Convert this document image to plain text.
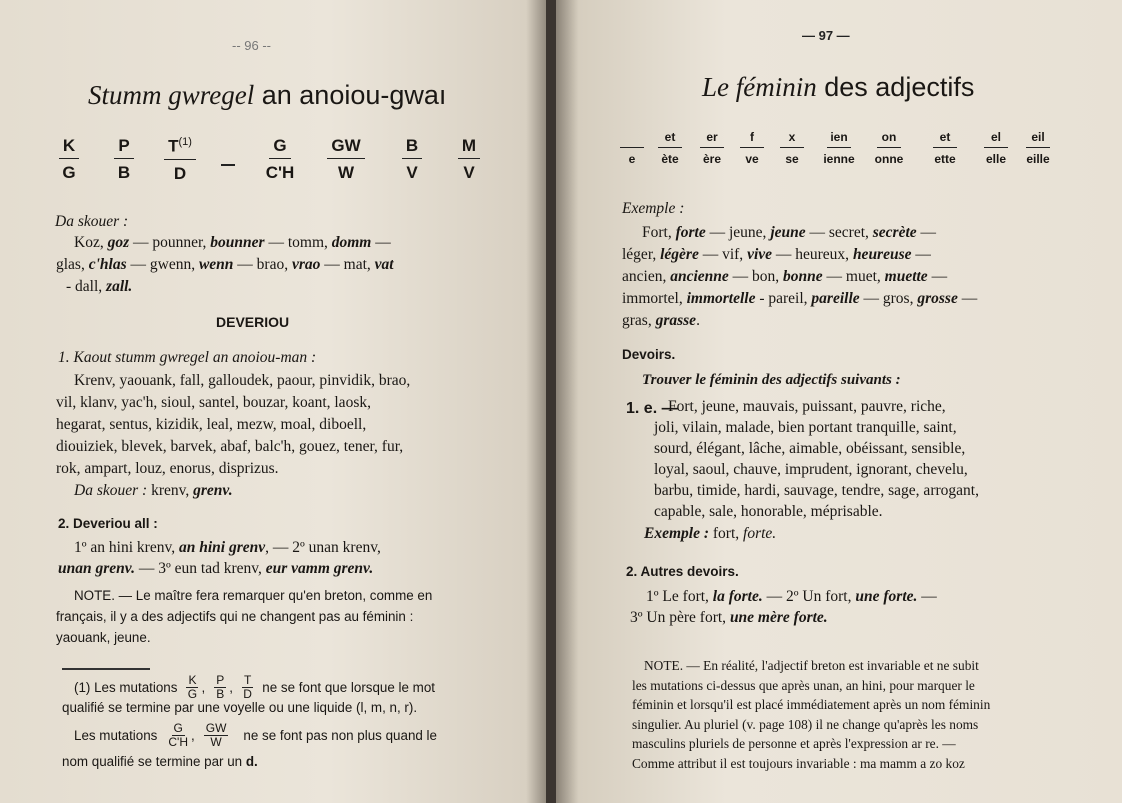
-- 96 --
Stumm gwregel an anoiou-gwaı
K
G
P
B
$T^{(1)}$
D
G
C'H
GW
W
B
V
M
V
Da skouer :
Koz, goz — pounner, bounner — tomm, domm —
glas, c'hlas — gwenn, wenn — brao, vrao — mat, vat
- dall, zall.
DEVERIOU
1. Kaout stumm gwregel an anoiou-man :
Krenv, yaouank, fall, galloudek, paour, pinvidik, brao,
vil, klanv, yac'h, sioul, santel, bouzar, koant, laosk,
hegarat, sentus, kizidik, leal, mezw, moal, diboell,
diouiziek, blevek, barvek, abaf, balc'h, gouez, tener, fur,
rok, ampart, louz, enorus, disprizus.
Da skouer : krenv, grenv.
2. Deveriou all :
1º an hini krenv, an hini grenv, — 2º unan krenv,
unan grenv. — 3º eun tad krenv, eur vamm grenv.
NOTE. — Le maître fera remarquer qu'en breton, comme en
français, il y a des adjectifs qui ne changent pas au féminin :
yaouank, jeune.
(1) Les mutations $\frac{K}{G}$ , $\frac{P}{B}$ , $\frac{T}{D}$ ne se font que lorsque le mot
qualifié se termine par une voyelle ou une liquide (l, m, n, r).
Les mutations $\frac{G}{C'H}$ , $\frac{GW}{W}$ ne se font pas non plus quand le
nom qualifié se termine par un d.
— 97 —
Le féminin des adjectifs

e
et
ète
er
ère
f
ve
x
se
ien
ienne
on
onne
et
ette
el
elle
eil
eille
Exemple :
Fort, forte — jeune, jeune — secret, secrète —
léger, légère — vif, vive — heureux, heureuse —
ancien, ancienne — bon, bonne — muet, muette —
immortel, immortelle - pareil, pareille — gros, grosse —
gras, grasse.
Devoirs.
Trouver le féminin des adjectifs suivants :
1. e. —
Fort, jeune, mauvais, puissant, pauvre, riche,
joli, vilain, malade, bien portant tranquille, saint,
sourd, élégant, lâche, aimable, obéissant, sensible,
loyal, saoul, chauve, imprudent, ignorant, chevelu,
barbu, timide, hardi, sauvage, tendre, sage, arrogant,
capable, sale, honorable, méprisable.
Exemple : fort, forte.
2. Autres devoirs.
1º Le fort, la forte. — 2º Un fort, une forte. —
3º Un père fort, une mère forte.
NOTE. — En réalité, l'adjectif breton est invariable et ne subit
les mutations ci-dessus que après unan, an hini, pour marquer le
féminin et lorsqu'il est placé immédiatement après un nom féminin
singulier. Au pluriel (v. page 108) il ne change qu'après les noms
masculins pluriels de personne et après l'expression ar re. —
Comme attribut il est toujours invariable : ma mamm a zo koz
